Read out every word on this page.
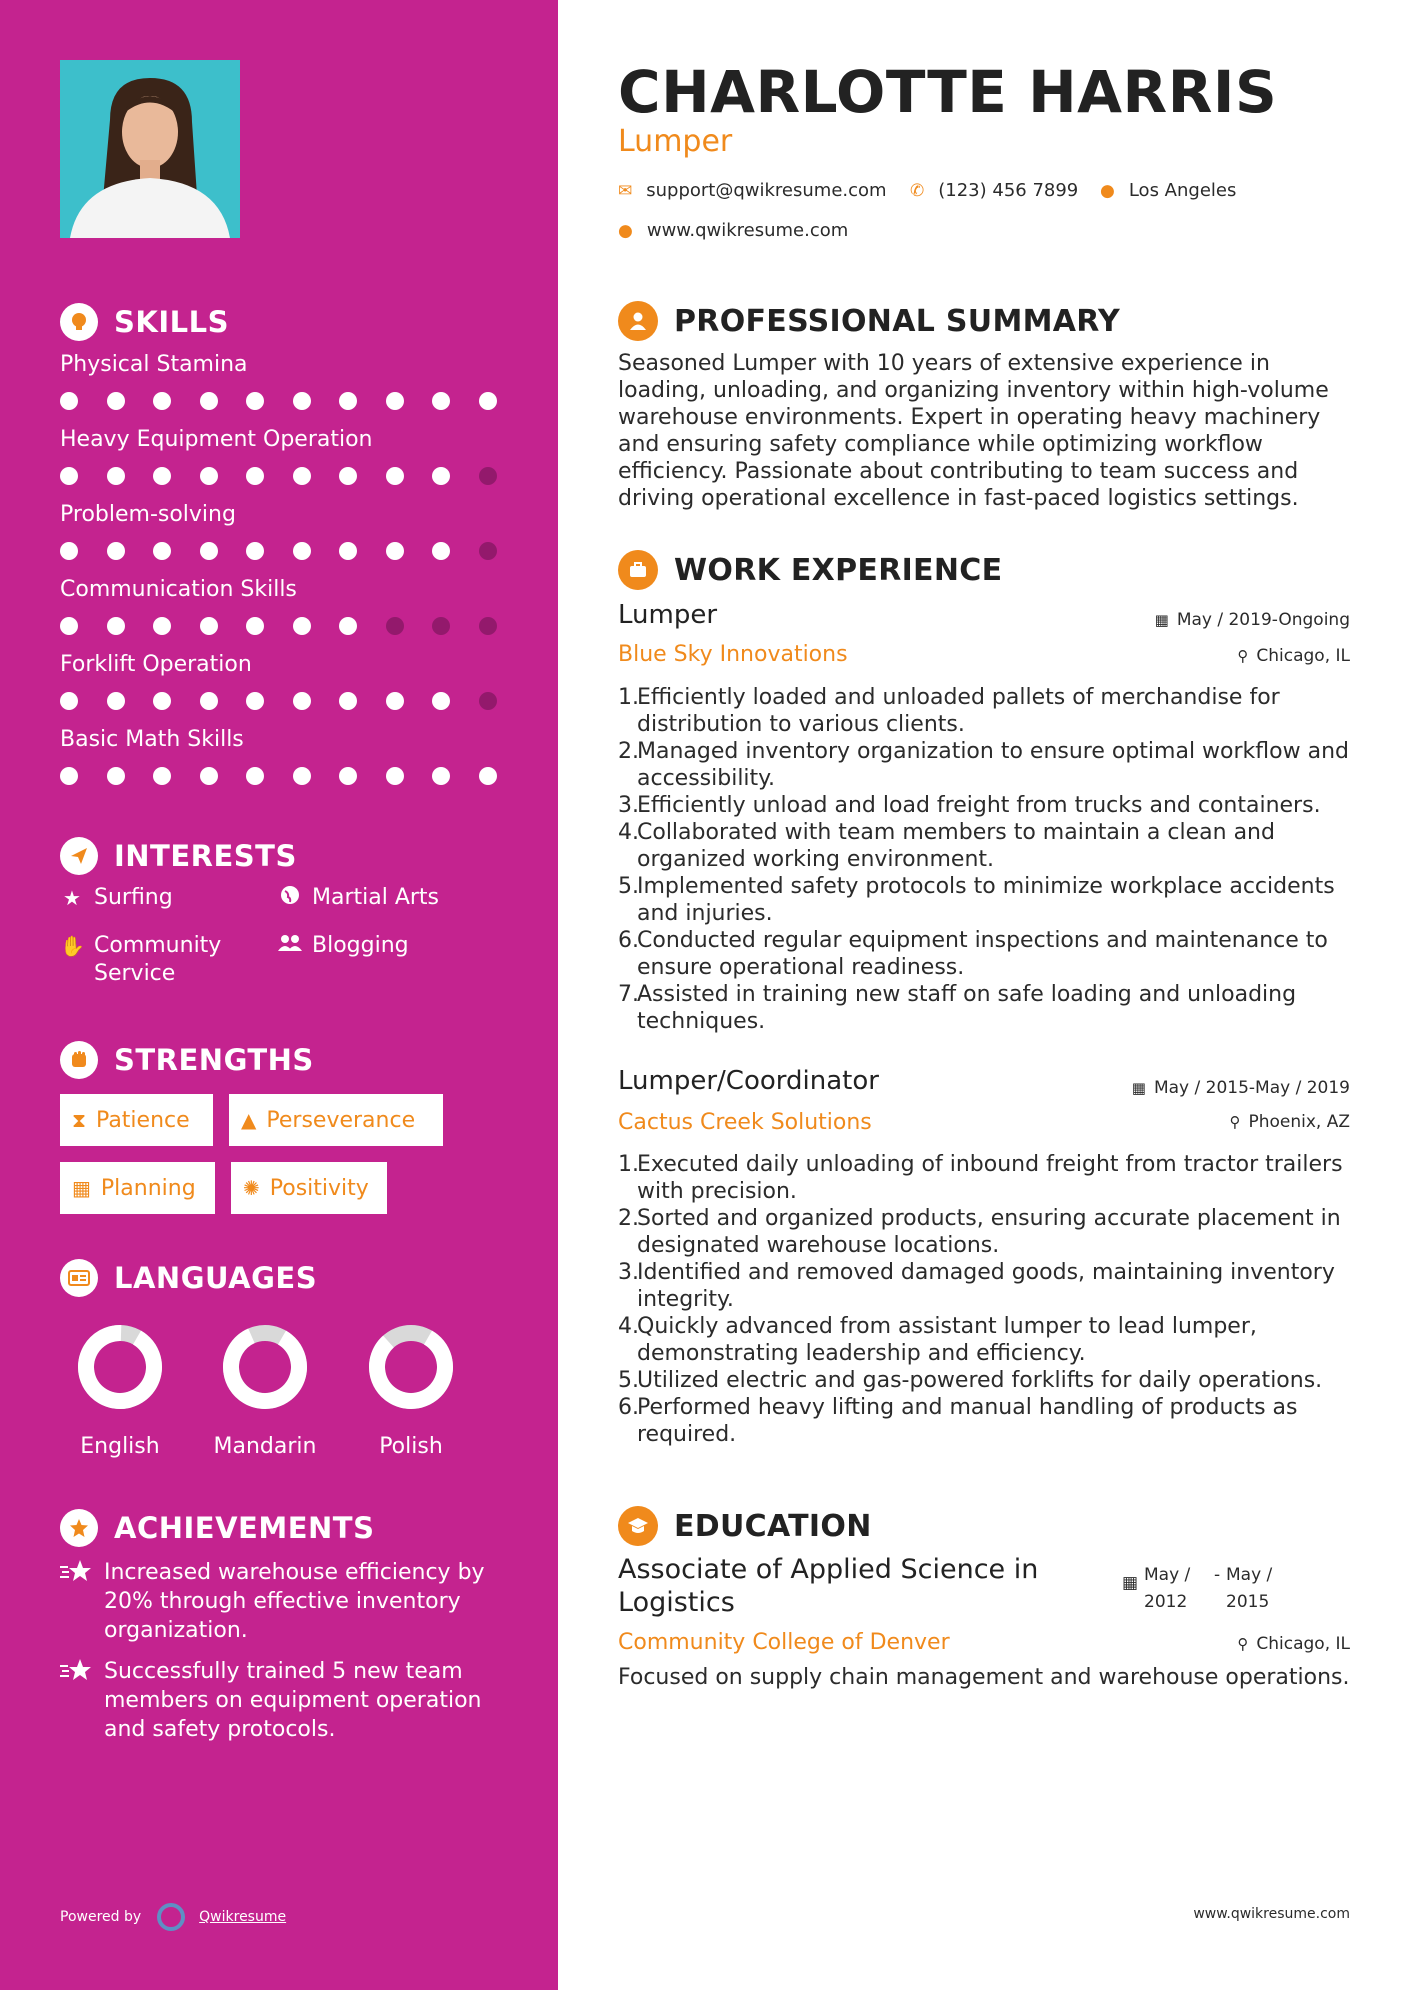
SKILLS
Physical Stamina
Heavy Equipment Operation
Problem-solving
Communication Skills
Forklift Operation
Basic Math Skills
INTERESTS
★ Surfing	Martial Arts
✋ Community Service
Blogging
STRENGTHS
⧗ Patience	▲ Perseverance
▦ Planning ✺ Positivity
LANGUAGES
English	Mandarin	Polish
ACHIEVEMENTS
Increased warehouse efficiency by 20% through effective inventory organization.
Successfully trained 5 new team members on equipment operation and safety protocols.
Powered by	Qwikresume
CHARLOTTE HARRIS
Lumper
✉ support@qwikresume.com ✆ (123) 456 7899 ● Los Angeles
● www.qwikresume.com
PROFESSIONAL SUMMARY
Seasoned Lumper with 10 years of extensive experience in loading, unloading, and organizing inventory within high-volume warehouse environments. Expert in operating heavy machinery and ensuring safety compliance while optimizing workflow efficiency. Passionate about contributing to team success and driving operational excellence in fast-paced logistics settings.
WORK EXPERIENCE
Lumper	▦ May / 2019-Ongoing
Blue Sky Innovations	⚲ Chicago, IL
1.
Efficiently loaded and unloaded pallets of merchandise for distribution to various clients.
2.
Managed inventory organization to ensure optimal workflow and accessibility.
3.
Efficiently unload and load freight from trucks and containers.
4.
Collaborated with team members to maintain a clean and organized working environment.
5.
Implemented safety protocols to minimize workplace accidents and injuries.
6.
Conducted regular equipment inspections and maintenance to ensure operational readiness.
7.
Assisted in training new staff on safe loading and unloading techniques.
Lumper/Coordinator	▦ May / 2015-May / 2019
Cactus Creek Solutions	⚲ Phoenix, AZ
1.
Executed daily unloading of inbound freight from tractor trailers with precision.
2.
Sorted and organized products, ensuring accurate placement in designated warehouse locations.
3.
Identified and removed damaged goods, maintaining inventory integrity.
4.
Quickly advanced from assistant lumper to lead lumper, demonstrating leadership and efficiency.
5.
Utilized electric and gas-powered forklifts for daily operations.
6.
Performed heavy lifting and manual handling of products as required.
EDUCATION
Associate of Applied Science in Logistics
▦ May /
2012
- May /
2015
Community College of Denver	⚲ Chicago, IL
Focused on supply chain management and warehouse operations.
www.qwikresume.com
